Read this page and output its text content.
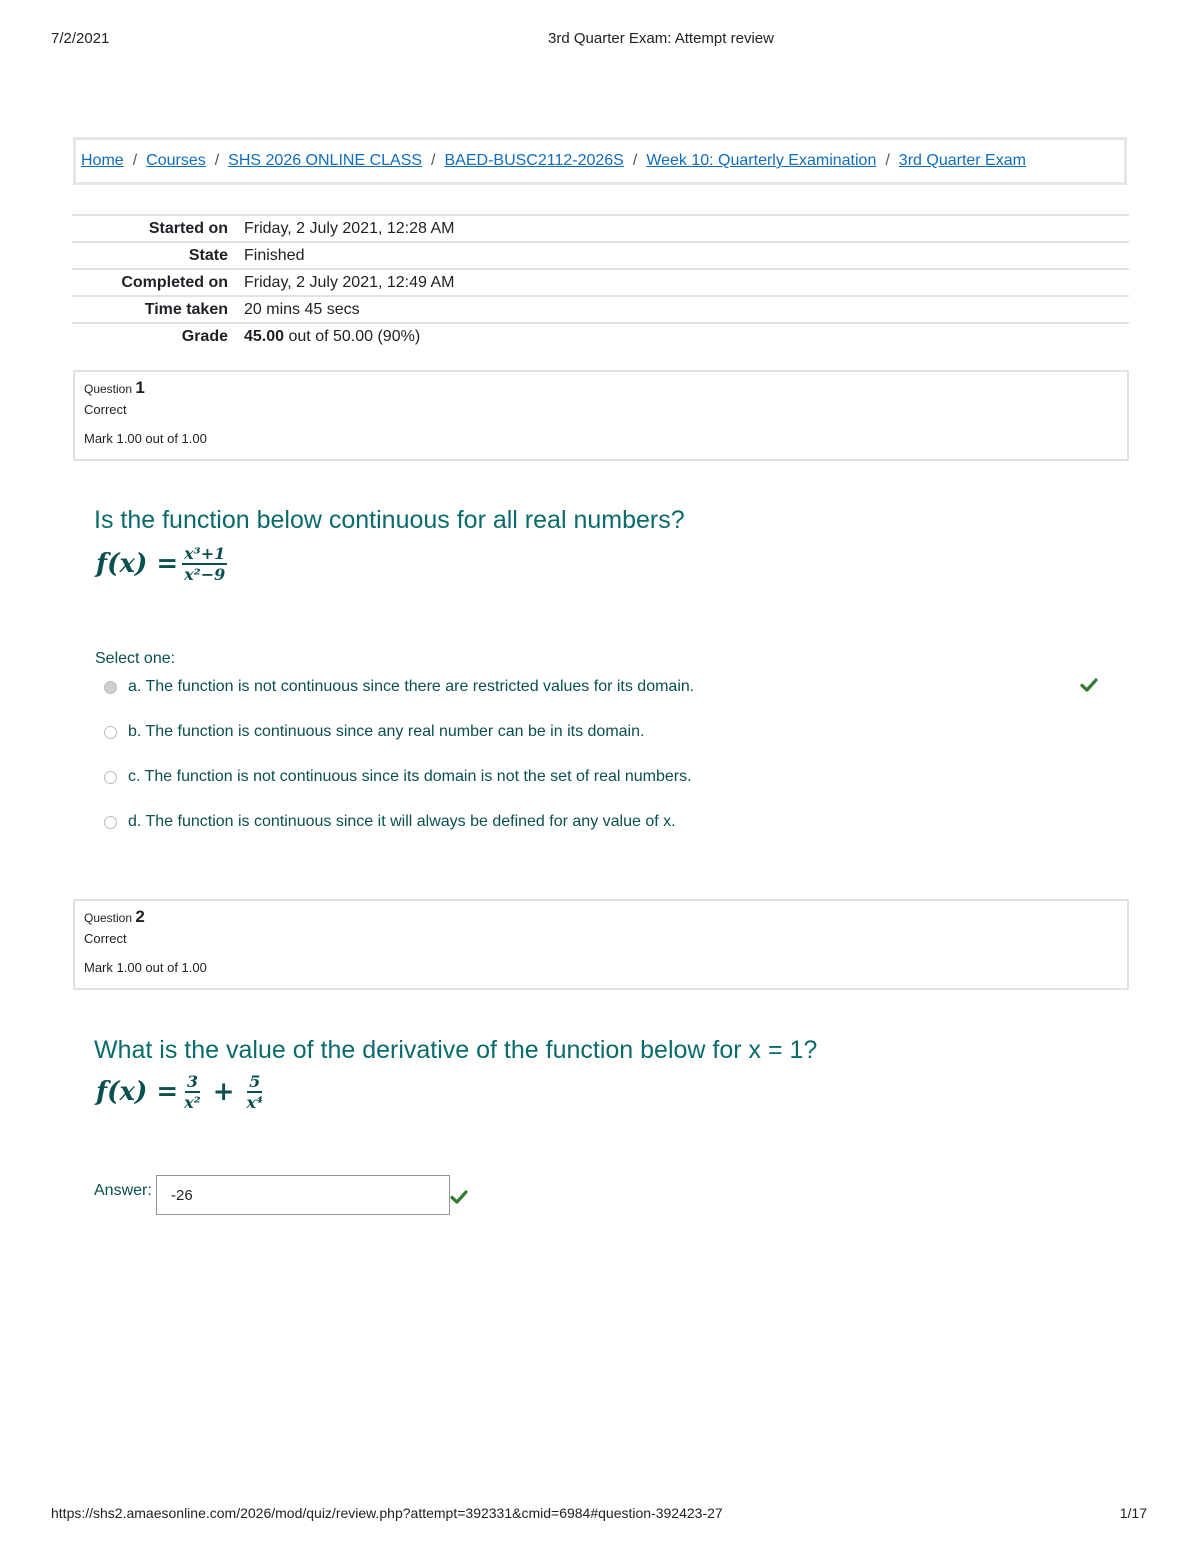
7/2/2021	3rd Quarter Exam: Attempt review
Home / Courses / SHS 2026 ONLINE CLASS / BAED-BUSC2112-2026S / Week 10: Quarterly Examination / 3rd Quarter Exam
Started on	Friday, 2 July 2021, 12:28 AM
State	Finished
Completed on	Friday, 2 July 2021, 12:49 AM
Time taken	20 mins 45 secs
Grade	45.00 out of 50.00 (90%)
Question 1
Correct
Mark 1.00 out of 1.00
Is the function below continuous for all real numbers?
$f(x) = \frac{\text{x³+1}}{\text{x²−9}}$
Select one:
a. The function is not continuous since there are restricted values for its domain.
b. The function is continuous since any real number can be in its domain.
c. The function is not continuous since its domain is not the set of real numbers.
d. The function is continuous since it will always be defined for any value of x.
Question 2
Correct
Mark 1.00 out of 1.00
What is the value of the derivative of the function below for x = 1?
$f(x) = \frac{3}{\text{x²}} + \frac{5}{\text{x⁴}}$
Answer:	-26
https://shs2.amaesonline.com/2026/mod/quiz/review.php?attempt=392331&cmid=6984#question-392423-27	1/17
